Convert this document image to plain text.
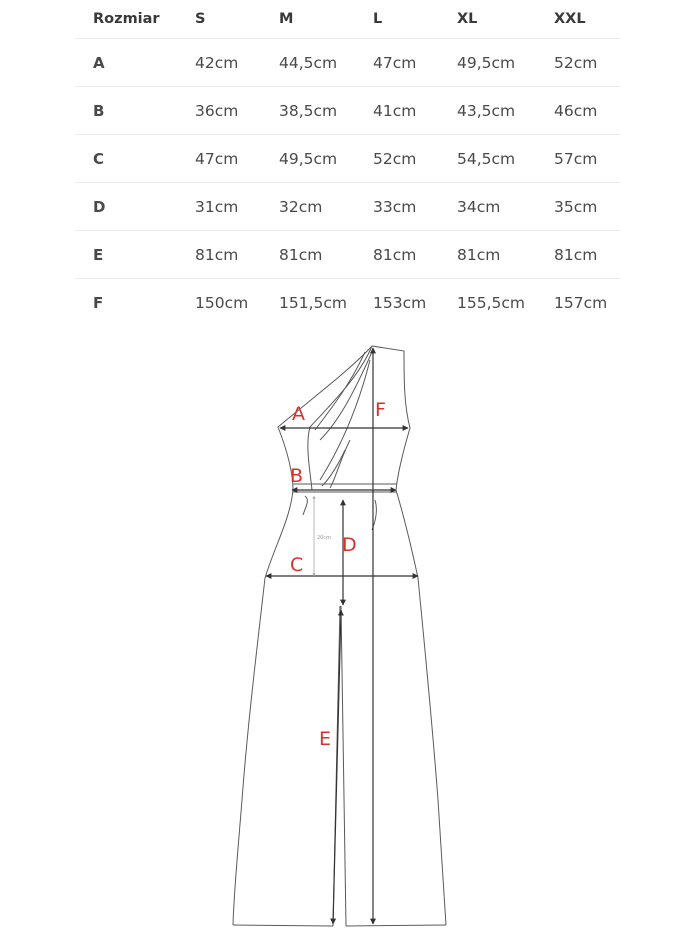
Rozmiar	S	M	L	XL	XXL
A	42cm	44,5cm	47cm	49,5cm	52cm
B	36cm	38,5cm	41cm	43,5cm	46cm
C	47cm	49,5cm	52cm	54,5cm	57cm
D	31cm	32cm	33cm	34cm	35cm
E	81cm	81cm	81cm	81cm	81cm
F	150cm	151,5cm	153cm	155,5cm	157cm
20cm
A
B
C
D
E
F
